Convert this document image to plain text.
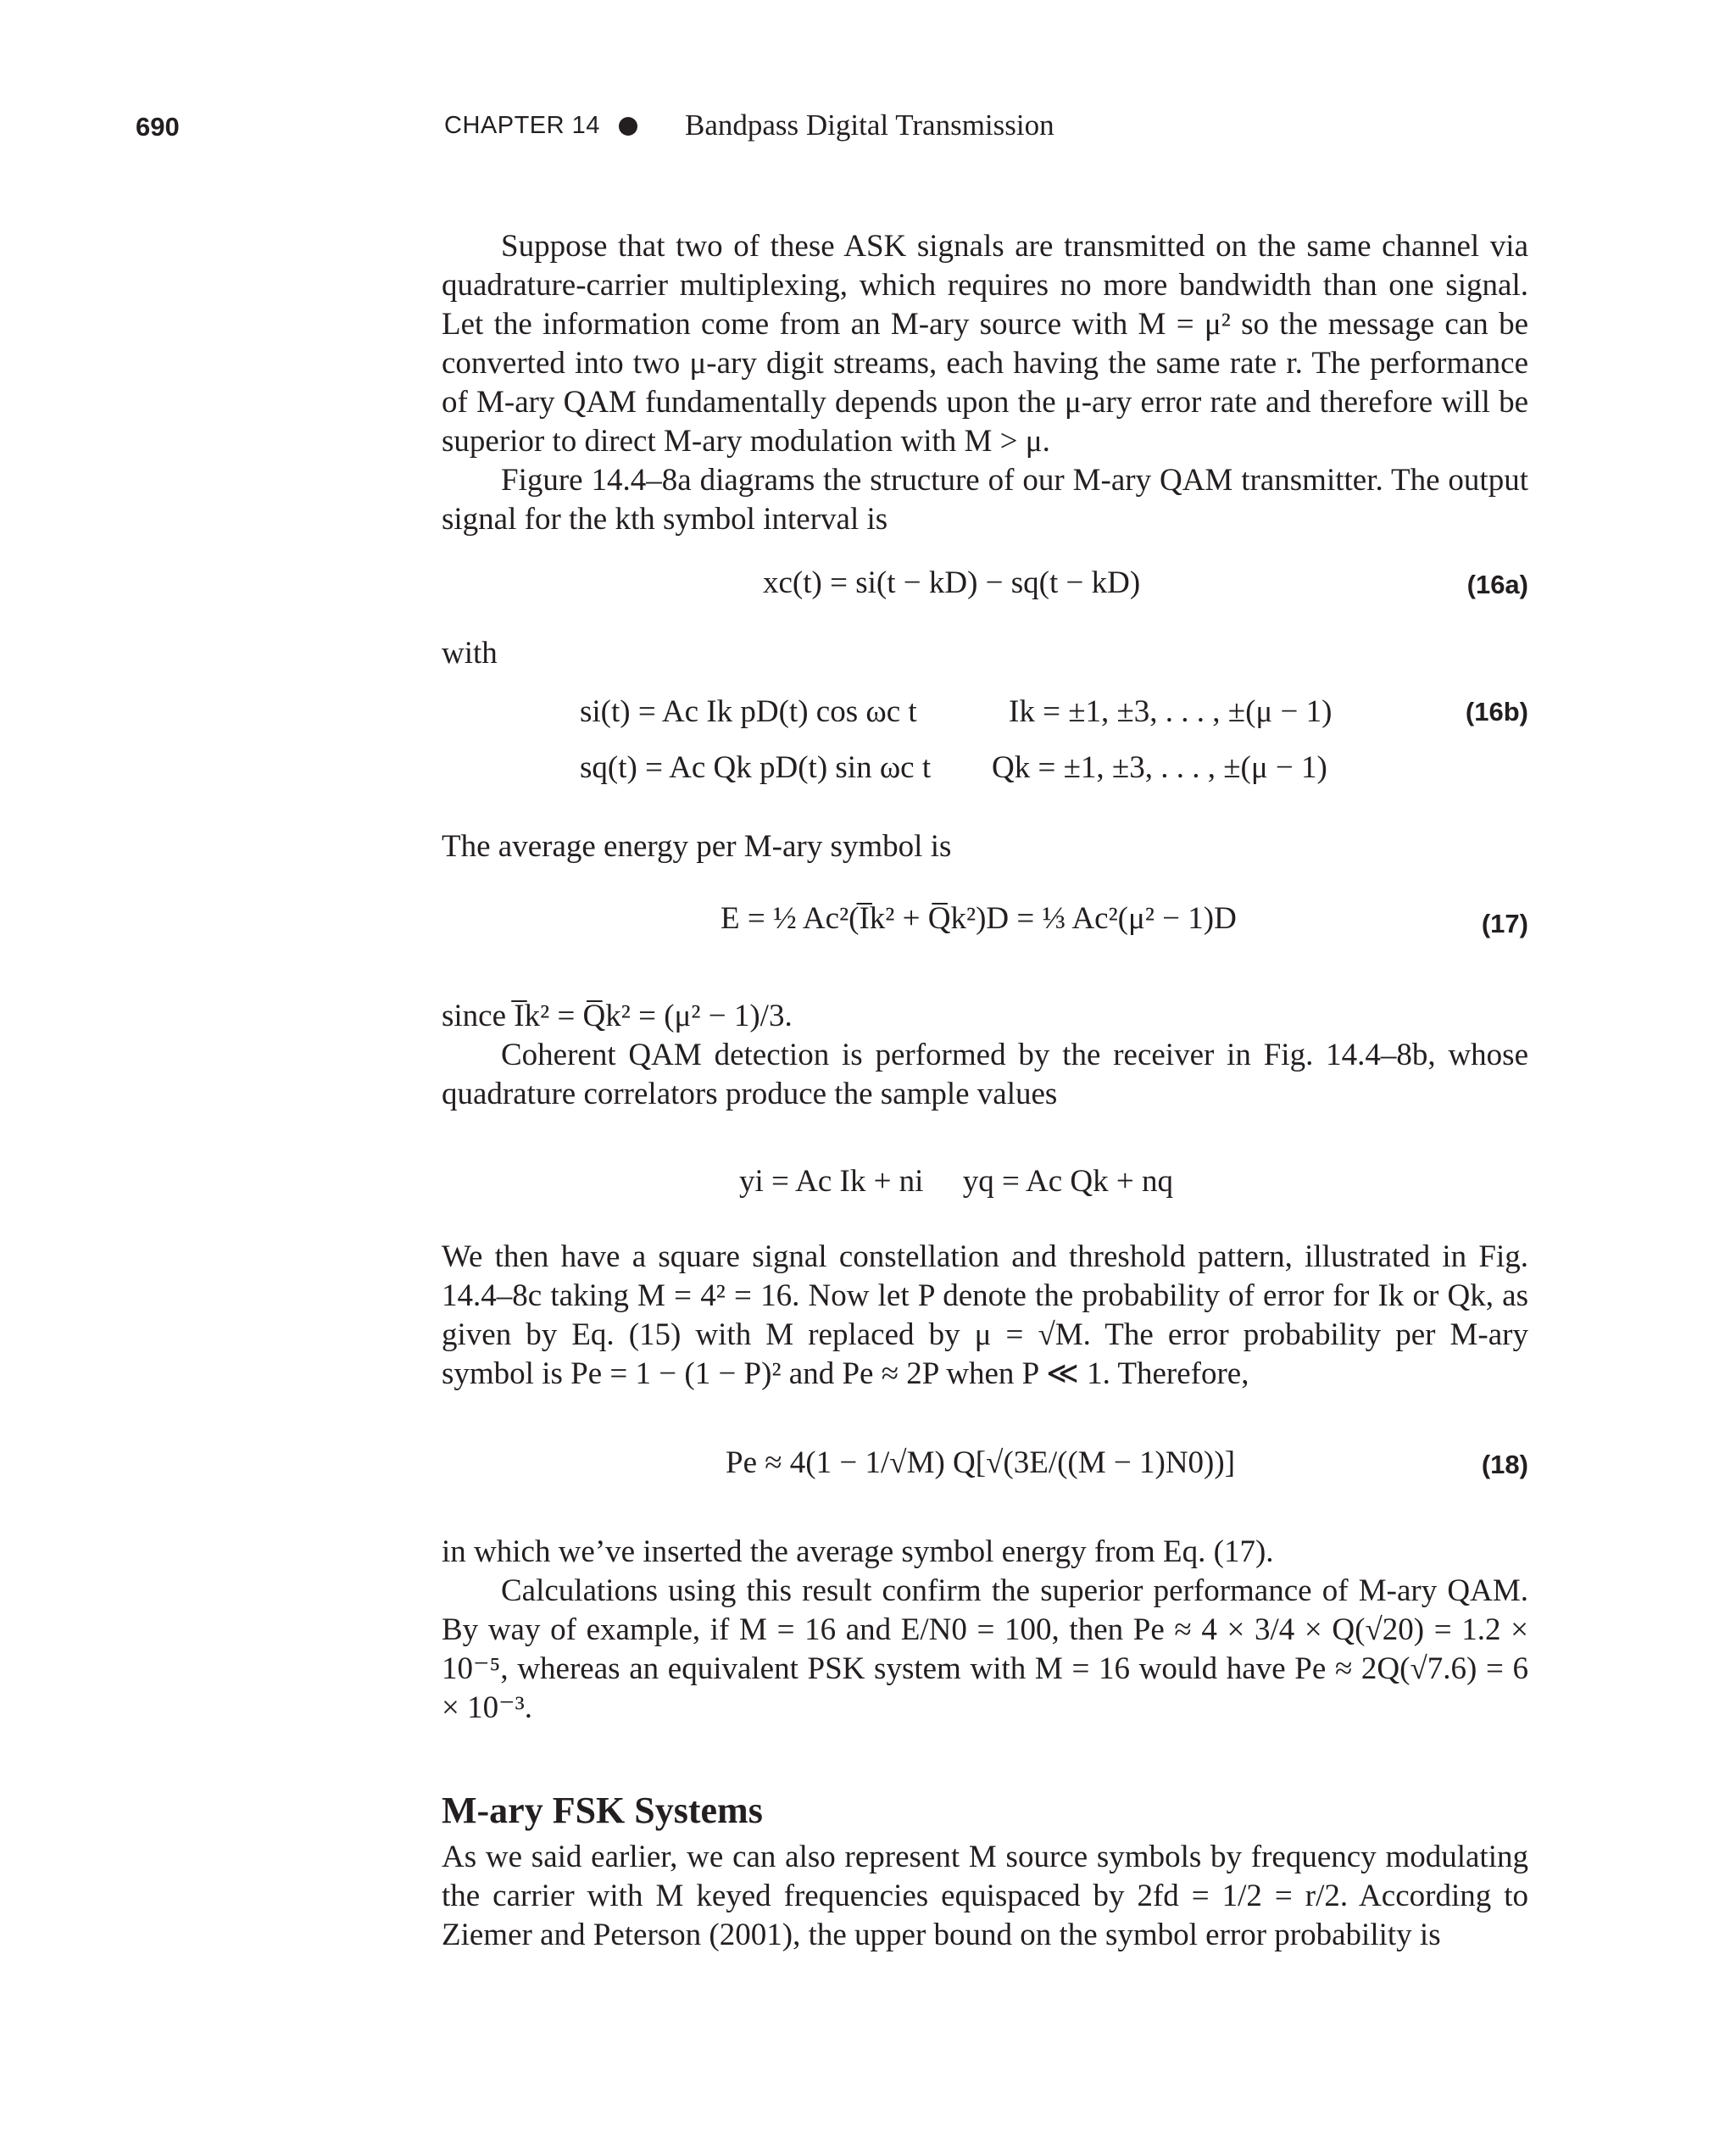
690	CHAPTER 14	Bandpass Digital Transmission

Suppose that two of these ASK signals are transmitted on the same channel via quadrature-carrier multiplexing, which requires no more bandwidth than one signal. Let the information come from an M-ary source with M = μ² so the message can be converted into two μ-ary digit streams, each having the same rate r. The performance of M-ary QAM fundamentally depends upon the μ-ary error rate and therefore will be superior to direct M-ary modulation with M > μ.

Figure 14.4–8a diagrams the structure of our M-ary QAM transmitter. The output signal for the kth symbol interval is

xc(t) = si(t − kD) − sq(t − kD)	(16a)
with
si(t) = Ac Ik pD(t) cos ωc t	Ik = ±1, ±3, . . . , ±(μ − 1)	(16b)
sq(t) = Ac Qk pD(t) sin ωc t Qk = ±1, ±3, . . . , ±(μ − 1)
The average energy per M-ary symbol is
E = ½ Ac²(I̅k² + Q̅k²)D = ⅓ Ac²(μ² − 1)D	(17)

since I̅k² = Q̅k² = (μ² − 1)/3.

Coherent QAM detection is performed by the receiver in Fig. 14.4–8b, whose quadrature correlators produce the sample values

yi = Ac Ik + ni     yq = Ac Qk + nq
We then have a square signal constellation and threshold pattern, illustrated in Fig. 14.4–8c taking M = 4² = 16. Now let P denote the probability of error for Ik or Qk, as given by Eq. (15) with M replaced by μ = √M. The error probability per M-ary symbol is Pe = 1 − (1 − P)² and Pe ≈ 2P when P ≪ 1. Therefore,
Pe ≈ 4(1 − 1/√M) Q[√(3E/((M − 1)N0))]	(18)

in which we’ve inserted the average symbol energy from Eq. (17).

Calculations using this result confirm the superior performance of M-ary QAM. By way of example, if M = 16 and E/N0 = 100, then Pe ≈ 4 × 3/4 × Q(√20) = 1.2 × 10⁻⁵, whereas an equivalent PSK system with M = 16 would have Pe ≈ 2Q(√7.6) = 6 × 10⁻³.

M-ary FSK Systems
As we said earlier, we can also represent M source symbols by frequency modulating the carrier with M keyed frequencies equispaced by 2fd = 1/2 = r/2. According to Ziemer and Peterson (2001), the upper bound on the symbol error probability is
